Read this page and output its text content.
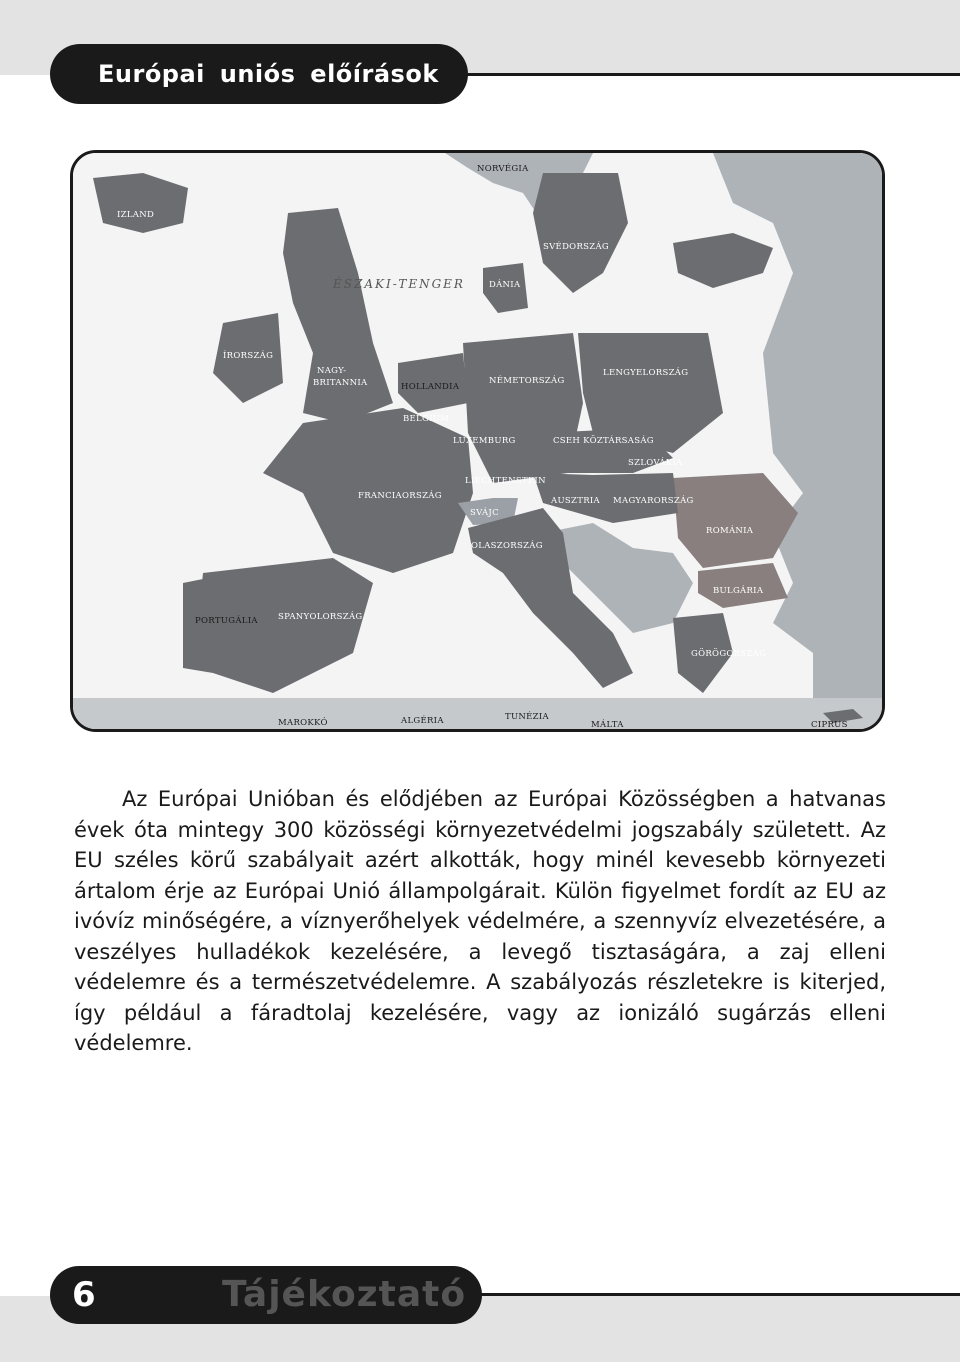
Európai uniós előírások
ÉSZAKI-TENGER
IZLAND
NORVÉGIA
SVÉDORSZÁG
DÁNIA
ÍRORSZÁG
NAGY-
BRITANNIA	HOLLANDIA
BELGIUM
NÉMETORSZÁG
LENGYELORSZÁG
LUXEMBURG	CSEH KÖZTÁRSASÁG
SZLOVÁKIA
FRANCIAORSZÁG
LIECHTENSTEIN
AUSZTRIA MAGYARORSZÁG
SVÁJC
ROMÁNIA
OLASZORSZÁG
BULGÁRIA
PORTUGÁLIA SPANYOLORSZÁG
GÖRÖGORSZÁG
MAROKKÓ	ALGÉRIA	TUNÉZIA
MÁLTA	CIPRUS

Az Európai Unióban és elődjében az Európai Közösségben a hatvanas évek óta mintegy 300 közösségi környezetvédelmi jogszabály született. Az EU széles körű szabályait azért alkották, hogy minél kevesebb környezeti ártalom érje az Európai Unió állampolgárait. Külön figyelmet fordít az EU az ivóvíz minőségére, a víznyerőhelyek védelmére, a szennyvíz elvezetésére, a veszélyes hulladékok kezelésére, a levegő tisztaságára, a zaj elleni védelemre és a természetvédelemre. A szabályozás részletekre is kiterjed, így például a fáradtolaj kezelésére, vagy az ionizáló sugárzás elleni védelemre.

6	Tájékoztató
